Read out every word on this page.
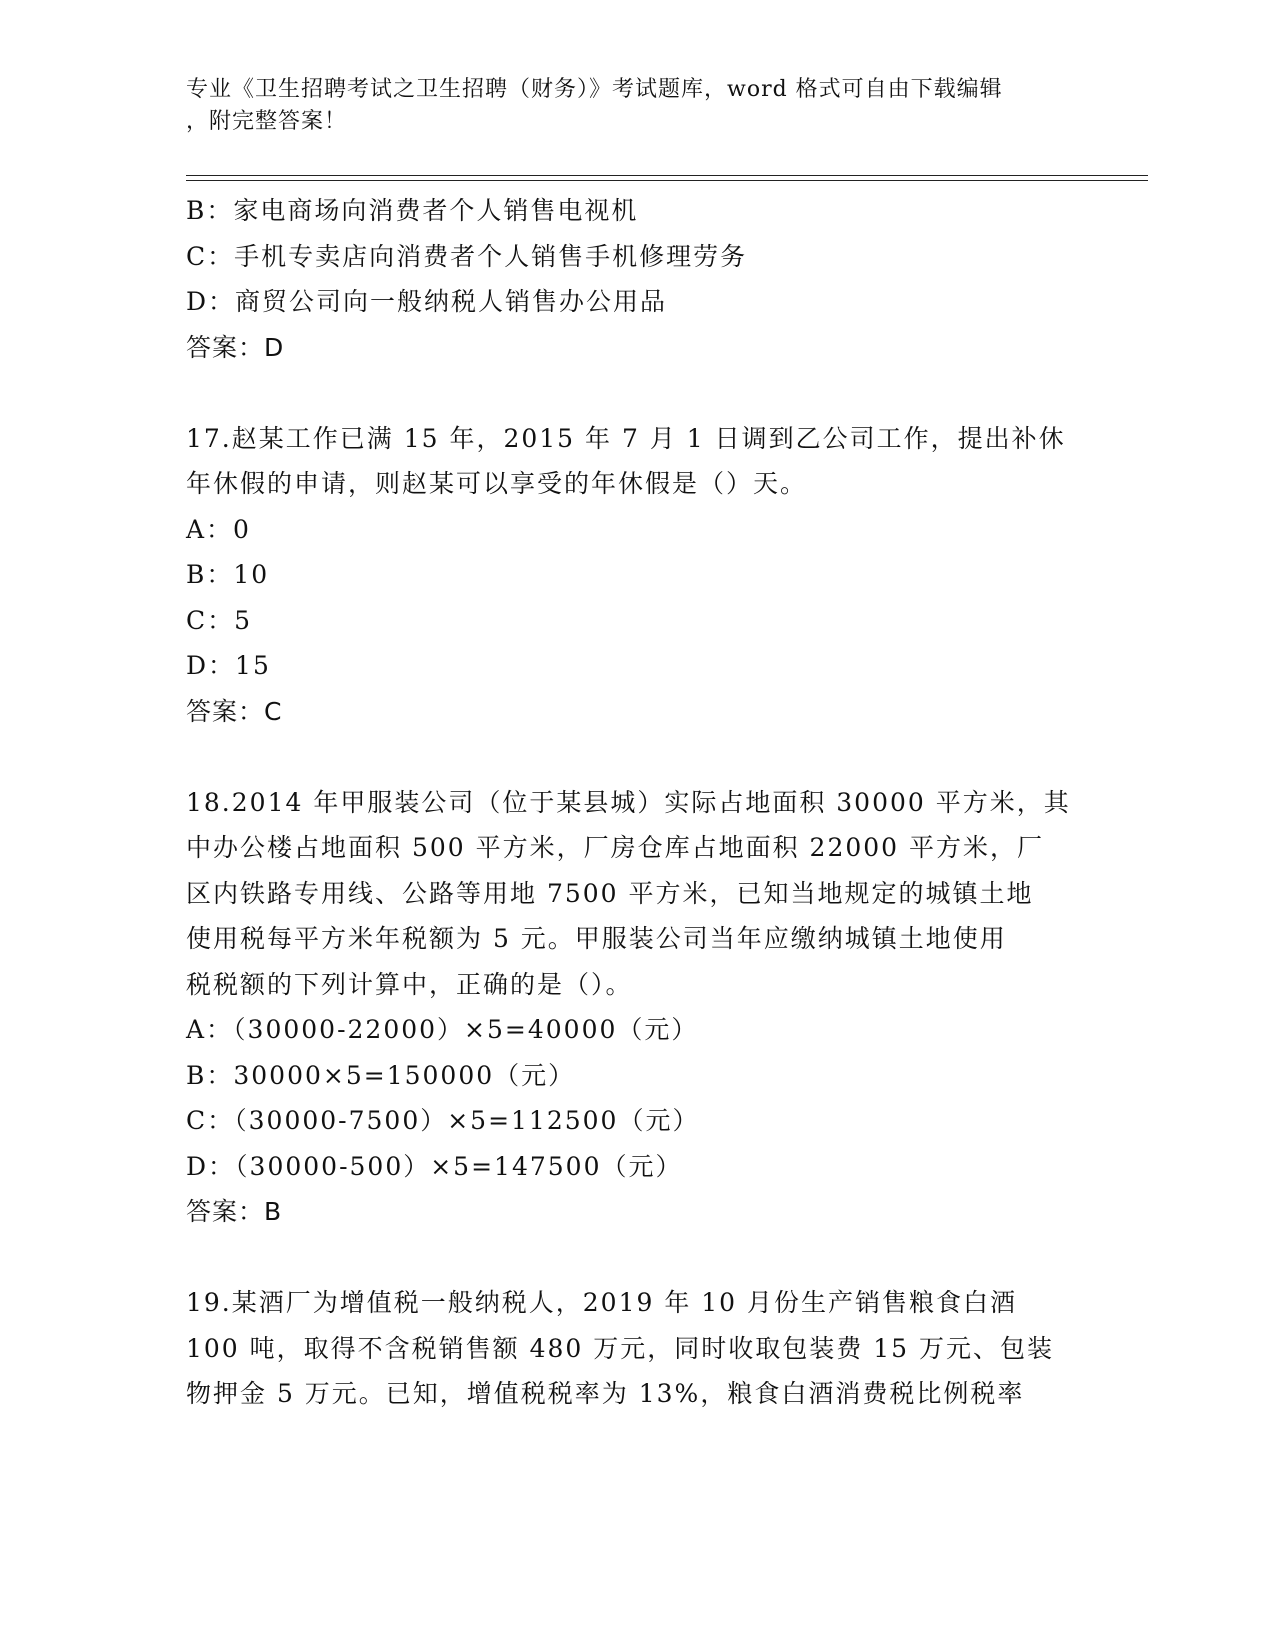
专业《卫生招聘考试之卫生招聘（财务）》考试题库，word 格式可自由下载编辑
，附完整答案！
B：家电商场向消费者个人销售电视机
C：手机专卖店向消费者个人销售手机修理劳务
D：商贸公司向一般纳税人销售办公用品
答案：D
17.赵某工作已满 15 年，2015 年 7 月 1 日调到乙公司工作，提出补休
年休假的申请，则赵某可以享受的年休假是（）天。
A：0
B：10
C：5
D：15
答案：C
18.2014 年甲服装公司（位于某县城）实际占地面积 30000 平方米，其
中办公楼占地面积 500 平方米，厂房仓库占地面积 22000 平方米，厂
区内铁路专用线、公路等用地 7500 平方米，已知当地规定的城镇土地
使用税每平方米年税额为 5 元。甲服装公司当年应缴纳城镇土地使用
税税额的下列计算中，正确的是（）。
A：（30000-22000）×5=40000（元）
B：30000×5=150000（元）
C：（30000-7500）×5=112500（元）
D：（30000-500）×5=147500（元）
答案：B
19.某酒厂为增值税一般纳税人，2019 年 10 月份生产销售粮食白酒
100 吨，取得不含税销售额 480 万元，同时收取包装费 15 万元、包装
物押金 5 万元。已知，增值税税率为 13%，粮食白酒消费税比例税率
